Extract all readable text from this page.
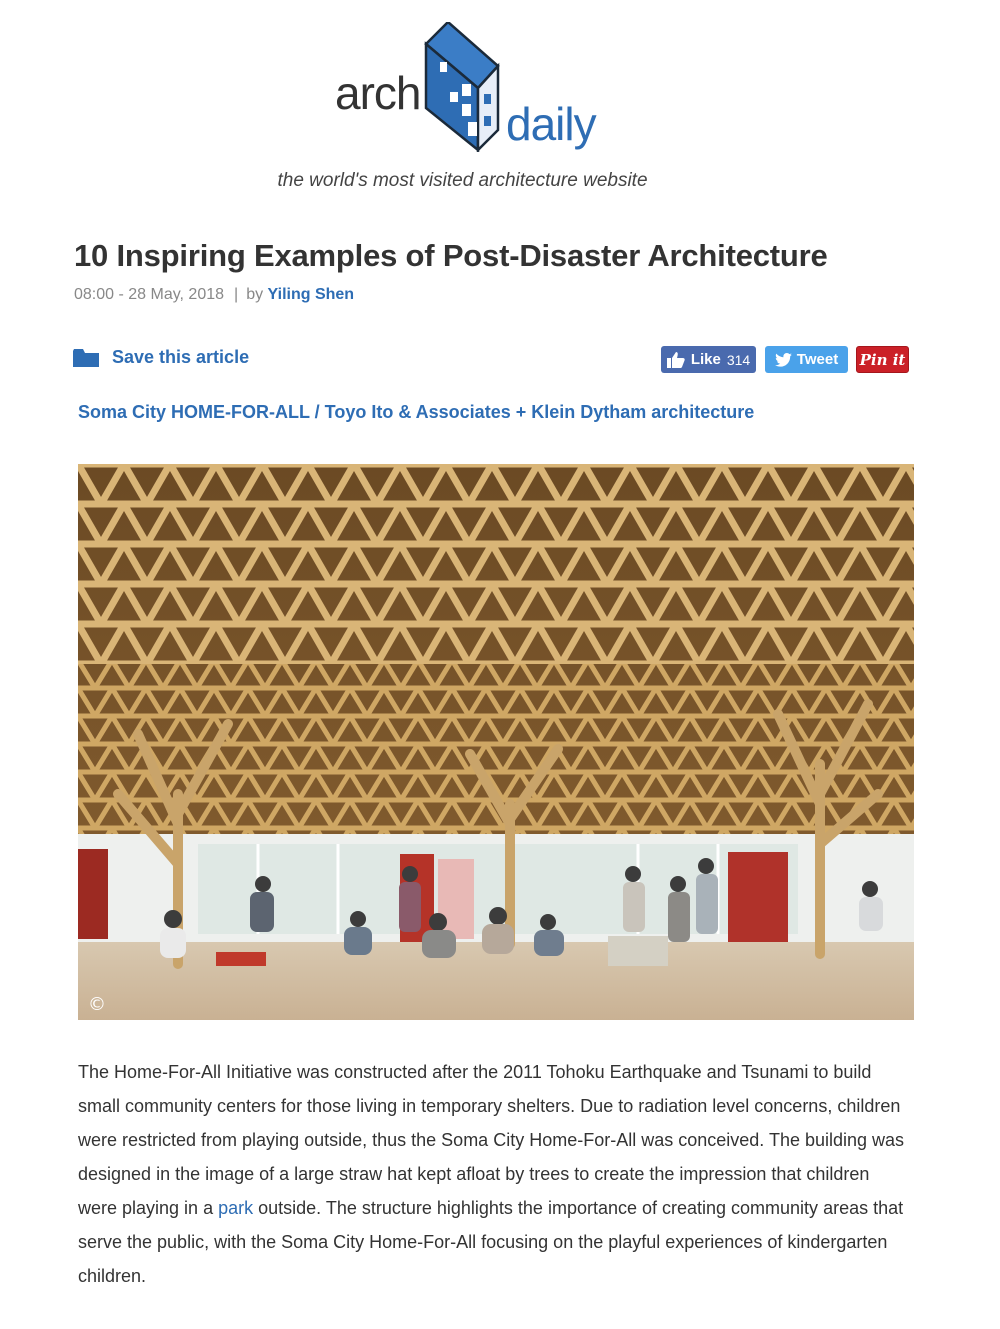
arch
daily
the world's most visited architecture website
10 Inspiring Examples of Post-Disaster Architecture
08:00 - 28 May, 2018 | by Yiling Shen
Save this article	Like 314	Tweet Pin it
Soma City HOME-FOR-ALL / Toyo Ito & Associates + Klein Dytham architecture
©

The Home-For-All Initiative was constructed after the 2011 Tohoku Earthquake and Tsunami to build small community centers for those living in temporary shelters. Due to radiation level concerns, children were restricted from playing outside, thus the Soma City Home-For-All was conceived. The building was designed in the image of a large straw hat kept afloat by trees to create the impression that children were playing in a park outside. The structure highlights the importance of creating community areas that serve the public, with the Soma City Home-For-All focusing on the playful experiences of kindergarten children.
